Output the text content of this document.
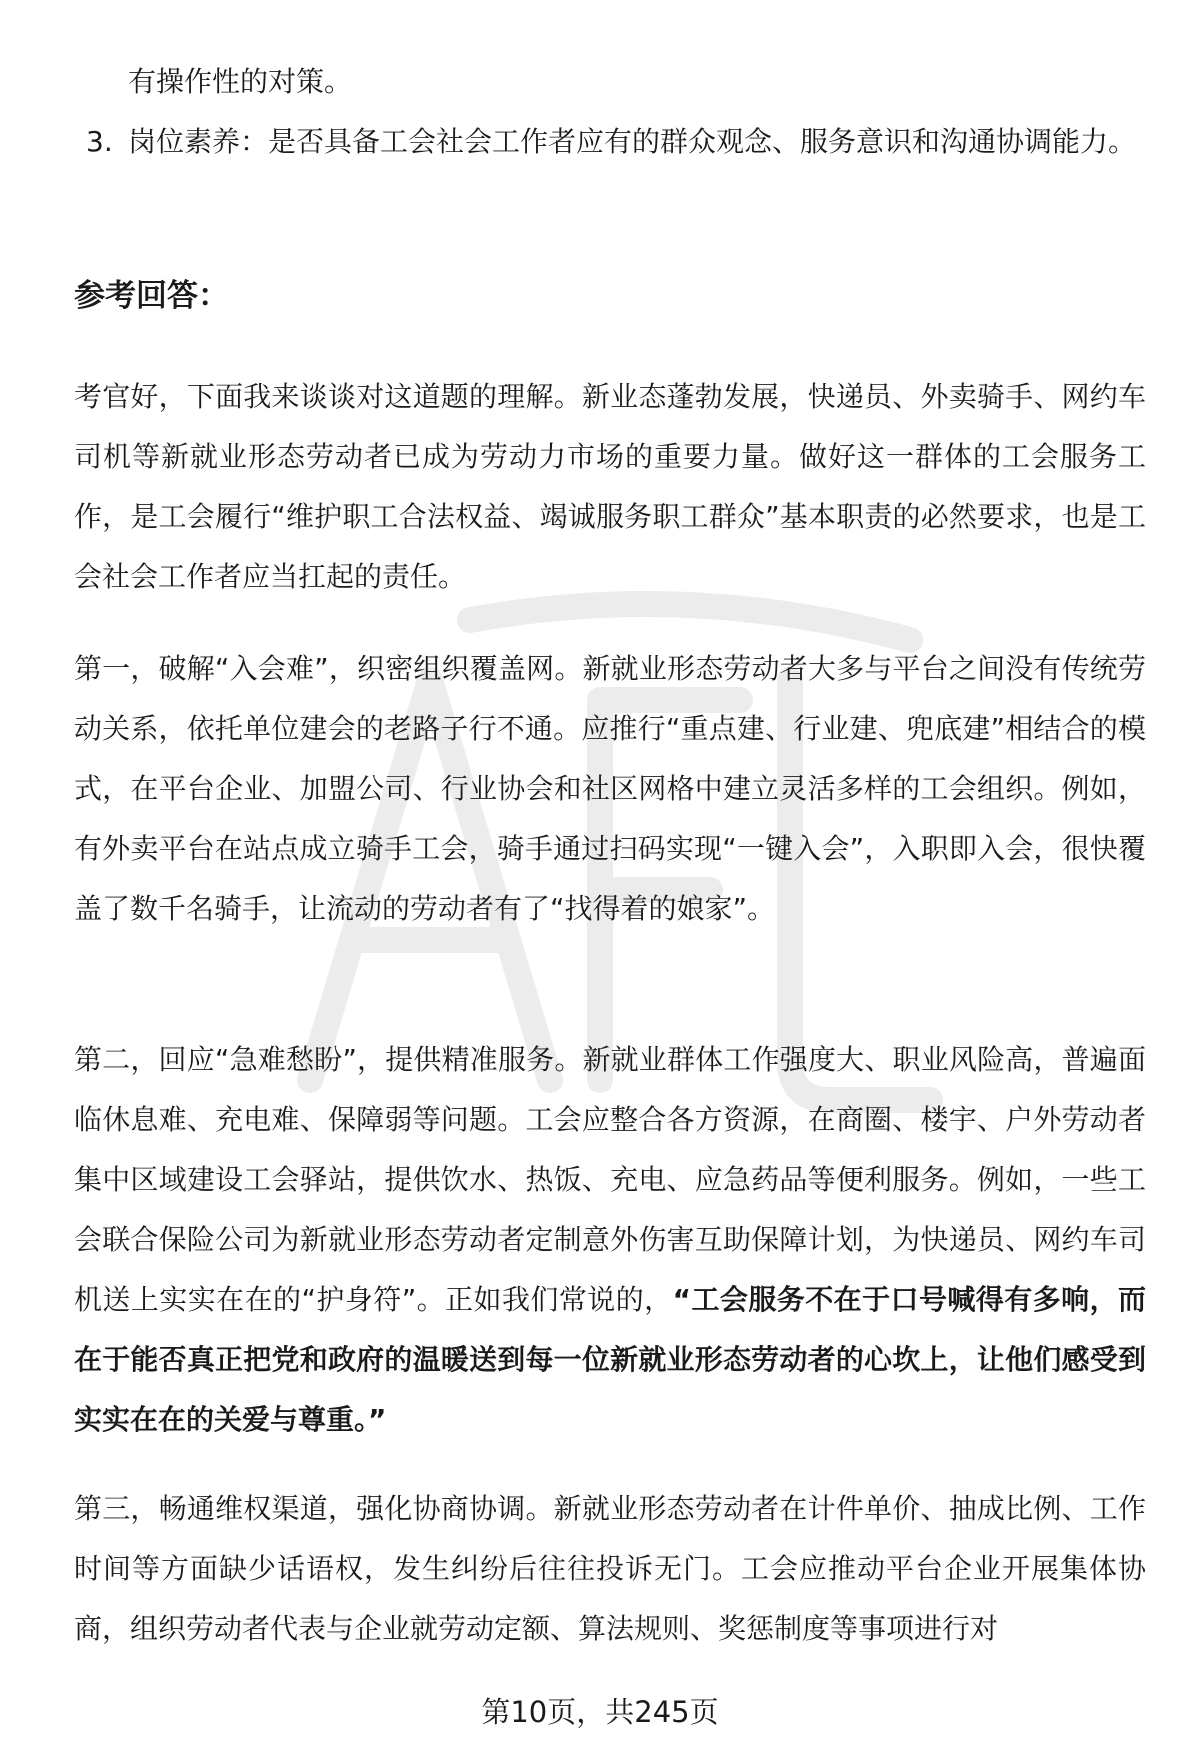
有操作性的对策。

3. 岗位素养：是否具备工会社会工作者应有的群众观念、服务意识和沟通协调能力。
参考回答：

考官好，下面我来谈谈对这道题的理解。新业态蓬勃发展，快递员、外卖骑手、网约车司机等新就业形态劳动者已成为劳动力市场的重要力量。做好这一群体的工会服务工作，是工会履行“维护职工合法权益、竭诚服务职工群众”基本职责的必然要求，也是工会社会工作者应当扛起的责任。

第一，破解“入会难”，织密组织覆盖网。新就业形态劳动者大多与平台之间没有传统劳动关系，依托单位建会的老路子行不通。应推行“重点建、行业建、兜底建”相结合的模式，在平台企业、加盟公司、行业协会和社区网格中建立灵活多样的工会组织。例如，有外卖平台在站点成立骑手工会，骑手通过扫码实现“一键入会”，入职即入会，很快覆盖了数千名骑手，让流动的劳动者有了“找得着的娘家”。

第二，回应“急难愁盼”，提供精准服务。新就业群体工作强度大、职业风险高，普遍面临休息难、充电难、保障弱等问题。工会应整合各方资源，在商圈、楼宇、户外劳动者集中区域建设工会驿站，提供饮水、热饭、充电、应急药品等便利服务。例如，一些工会联合保险公司为新就业形态劳动者定制意外伤害互助保障计划，为快递员、网约车司机送上实实在在的“护身符”。正如我们常说的，“工会服务不在于口号喊得有多响，而在于能否真正把党和政府的温暖送到每一位新就业形态劳动者的心坎上，让他们感受到实实在在的关爱与尊重。”

第三，畅通维权渠道，强化协商协调。新就业形态劳动者在计件单价、抽成比例、工作时间等方面缺少话语权，发生纠纷后往往投诉无门。工会应推动平台企业开展集体协商，组织劳动者代表与企业就劳动定额、算法规则、奖惩制度等事项进行对

第10页，共245页
